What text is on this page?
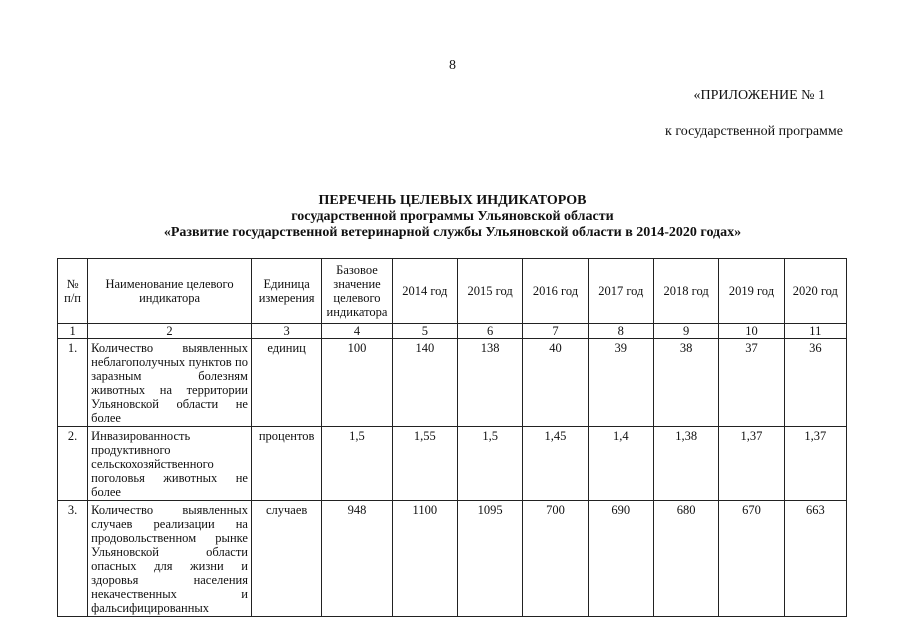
8
«ПРИЛОЖЕНИЕ № 1
к государственной программе
ПЕРЕЧЕНЬ ЦЕЛЕВЫХ ИНДИКАТОРОВ
государственной программы Ульяновской области
«Развитие государственной ветеринарной службы Ульяновской области в 2014-2020 годах»
№ п/п	Наименование целевого индикатора	Единица измерения	Базовое значение целевого индикатора	2014 год	2015 год	2016 год	2017 год	2018 год	2019 год	2020 год
1	2	3	4	5	6	7	8	9	10	11
1.	Количество выявленных неблагополучных пунктов по заразным болезням животных на территории Ульяновской области не более	единиц	100	140	138	40	39	38	37	36
2.	Инвазированность продуктивного сельскохозяйственного поголовья животных не более	процентов	1,5	1,55	1,5	1,45	1,4	1,38	1,37	1,37
3.	Количество выявленных случаев реализации на продовольственном рынке Ульяновской области опасных для жизни и здоровья населения некачественных и фальсифицированных	случаев	948	1100	1095	700	690	680	670	663
